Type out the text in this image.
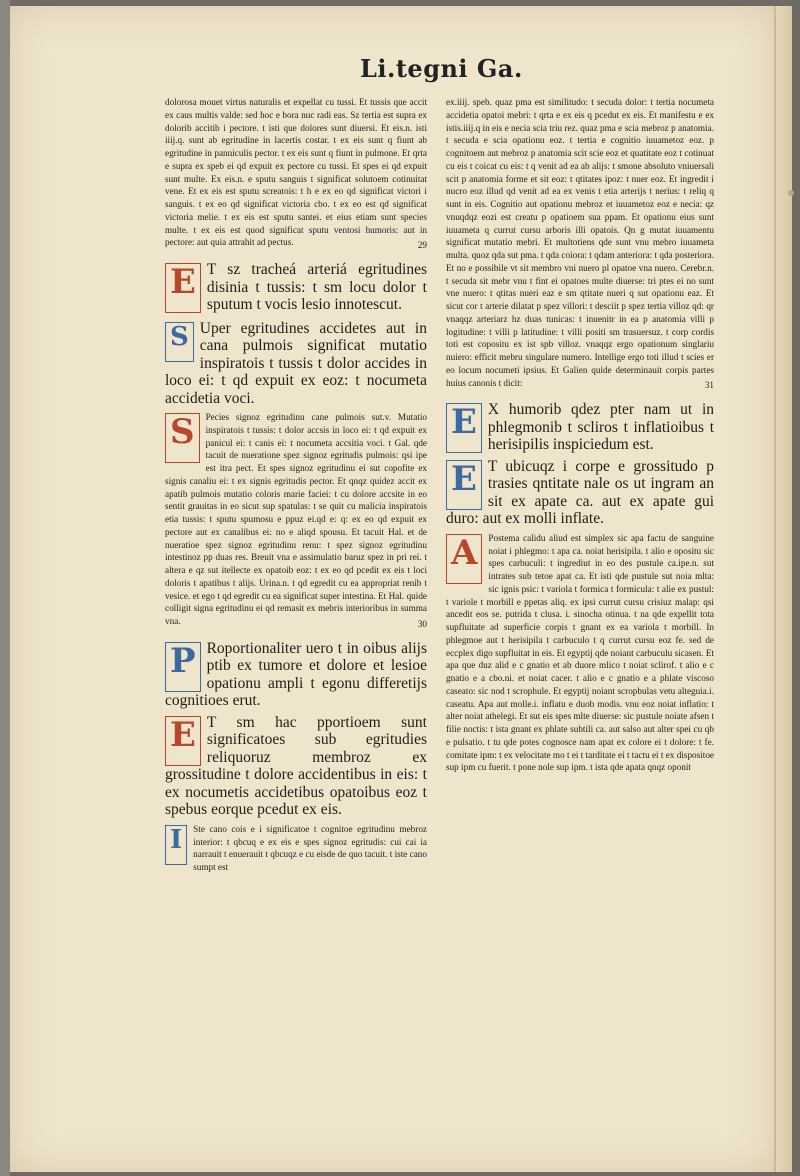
Li.tegni Ga.
dolorosa mouet virtus naturalis et expellat cu tussi. Et tussis que accit ex caus multis valde: sed hoc e bora nuc radi eas. Sz tertia est supra ex dolorib accitib i pectore. t isti que dolores sunt diuersi. Et eis.n. isti iiij.q. sunt ab egritudine in lacertis costar. t ex eis sunt q fiunt ab egritudine in panniculis pector. t ex eis sunt q fiunt in pulmone. Et qrta e supra ex speb ei qd expuit ex pectore cu tussi. Et spes ei qd expuit sunt multe. Ex eis.n. e sputu sanguis t significat solutoem cotinuitat vene. Et ex eis est sputu screatois: t h e ex eo qd significat victori i sanguis. t ex eo qd significat victoria cbo. t ex eo est qd significat victoria melie. t ex eis est sputu santei. et eius etiam sunt species multe. t ex eis est quod significat sputu ventosi humoris: aut in pectore: aut quia attrahit ad pectus.	29
E T sz tracheá arteriá egritudines disinia t tussis: t sm locu dolor t sputum t vocis lesio innotescut.
S Uper egritudines accidetes aut in cana pulmois significat mutatio inspiratois t tussis t dolor accides in loco ei: t qd expuit ex eoz: t nocumeta accidetia voci.
S	Pecies signoz egritudinu cane pulmois sut.v. Mutatio inspiratois t tussis: t dolor accsis in loco ei: t qd expuit ex panicul ei: t canis ei: t nocumeta accsitia voci. t Gal. qde tacuit de nueratione spez signoz egritudis pulmois: qsi ipe est itra pect. Et spes signoz egritudinu ei sut copofite ex signis canaliu ei: t ex signis egritudis pector. Et qnqz quidez accit ex apatib pulmois mutatio coloris marie faciei: t cu dolore accsite in eo sentit grauitas in eo sicut sup spatulas: t se quit cu malicia inspiratois etia tussis: t sputu spumosu e ppuz ei.qd e: q: ex eo qd expuit ex pectore aut ex canalibus ei: no e aliqd spousu. Et tacuit Hal. et de nueratioe spez signoz egritudinu renu: t spez signoz egritudinu intestinoz pp duas res. Breuit vna e assimulatio baruz spez in pri rei. t altera e qz sut itellecte ex opatoib eoz: t ex eo qd pcedit ex eis t loci doloris t apatibus t alijs. Urina.n. t qd egredit cu ea appropriat renib t vesice. et ego t qd egredit cu ea significat super intestina. Et Hal. quide colligit signa egritudinu ei qd remasit ex mebris interioribus in summa vna.	30
P Roportionaliter uero t in oibus alijs ptib ex tumore et dolore et lesioe opationu ampli t egonu differetijs cognitioes erut.
E T sm hac pportioem sunt significatoes sub egritudies reliquoruz membroz ex grossitudine t dolore accidentibus in eis: t ex nocumetis accidetibus opatoibus eoz t spebus eorque pcedut ex eis.
I	Ste cano cois e i significatoe t cognitoe egritudinu mebroz interior: t qbcuq e ex eis e spes signoz egritudis: cui cai ia narrauit t enuerauit t qbcuqz e cu eisde de quo tacuit. t iste cano sumpt est
ex.iiij. speb. quaz pma est similitudo: t secuda dolor: t tertia nocumeta accidetia opatoi mebri: t qrta e ex eis q pcedut ex eis. Et manifestu e ex istis.iiij.q in eis e necia scia triu rez. quaz pma e scia mebroz p anatomia. t secuda e scia opationu eoz. t tertia e cognitio iuuametoz eoz. p cognitoem aut mebroz p anatomia scit scie eoz et quatitate eoz t cotinuat cu eis t coicat cu eis: t q venit ad ea ab alijs: t smone absoluto vniuersali scit p anatomia forme et sit eoz: t qtitates ipoz: t nuer eoz. Et ingredit i nucro eoz illud qd venit ad ea ex venis t etia arterijs t nerius: t reliq q sunt in eis. Cognitio aut opationu mebroz et iuuametoz eoz e necia: qz vnuqdqz eozi est creatu p opatioem sua ppam. Et opationu eius sunt iuuameta q currut cursu arboris illi opatois. Qn g mutat iuuamentu significat mutatio mebri. Et multotiens qde sunt vnu mebro iuuameta multa. quoz qda sut pma. t qda coiora: t qdam anteriora: t qda posteriora. Et no e possibile vt sit membro vni nuero pl opatoe vna nuero. Cerebr.n. t secuda sit mebr vnu t fint ei opatoes multe diuerse: tri ptes ei no sunt vne nuero: t qtitas nueri eaz e sm qtitate nueri q sut opationu eaz. Et sicut cor t arterie dilatat p spez villori: t desciit p spez tertia villoz qd: qr vnaqqz arteriarz hz duas tunicas: t inuenitr in ea p anatomia villi p logitudine: t villi p latitudine: t villi positi sm trasuersuz. t corp cordis toti est copositu ex ist spb villoz. vnaqqz ergo opationum singlariu nuiero: efficit mebru singulare numero. Intellige ergo toti illud t scies er eo locum nocumeti ipsius. Et Galien quide determinauit corpis partes huius canonis t dicit:	31
E X humorib qdez pter nam ut in phlegmonib t scliros t inflatioibus t herisipilis inspiciedum est.
E T ubicuqz i corpe e grossitudo p trasies qntitate nale os ut ingram an sit ex apate ca. aut ex apate gui duro: aut ex molli inflate.
A	Postema calidu aliud est simplex sic apa factu de sanguine noiat i phlegmo: t apa ca. noiat herisipila. t alio e opositu sic spes carbuculi: t ingrediut in eo des pustule ca.ipe.n. sut intrates sub tetoe apat ca. Et isti qde pustule sut noia mlta: sic ignis psic: t variola t formica t formicula: t alie ex pustul: t variole t morbill e ppetas aliq. ex ipsi currut cursu crisiuz malap: qsi ancedit eos se. putrida t clusa. i. sinocha otinua. t na qde expellit tota supfluitate ad superficie corpis t gnant ex ea variola t morbill. In phlegmoe aut t herisipila t carbuculo t q currut cursu eoz fe. sed de eccplex digo supfluitat in eis. Et egyptij qde noiant carbuculu sicasen. Et apa que duz alid e c gnatio et ab duore mlico t noiat sclirof. t alio e c gnatio e a cbo.ni. et noiat cacer. t alio e c gnatio e a phlate viscoso caseato: sic nod t scrophule. Et egyptij noiant scropbulas vetu alteguia.i. caseatu. Apa aut molle.i. inflatu e duob modis. vnu eoz noiat inflatio: t alter noiat athelegi. Et sut eis spes mlte diuerse: sic pustule noiate afsen t filie noctis: t ista gnant ex phlate subtili ca. aut salso aut alter spei cu qb e pulsatio. t tu qde potes cognosce nam apat ex colore ei t dolore: t fe. comitate ipm: t ex velocitate mo t ei t tarditate ei t tactu ei t ex dispositoe sup ipm cu fuerit. t pone nole sup ipm. t ista qde apata qnqz oponit
